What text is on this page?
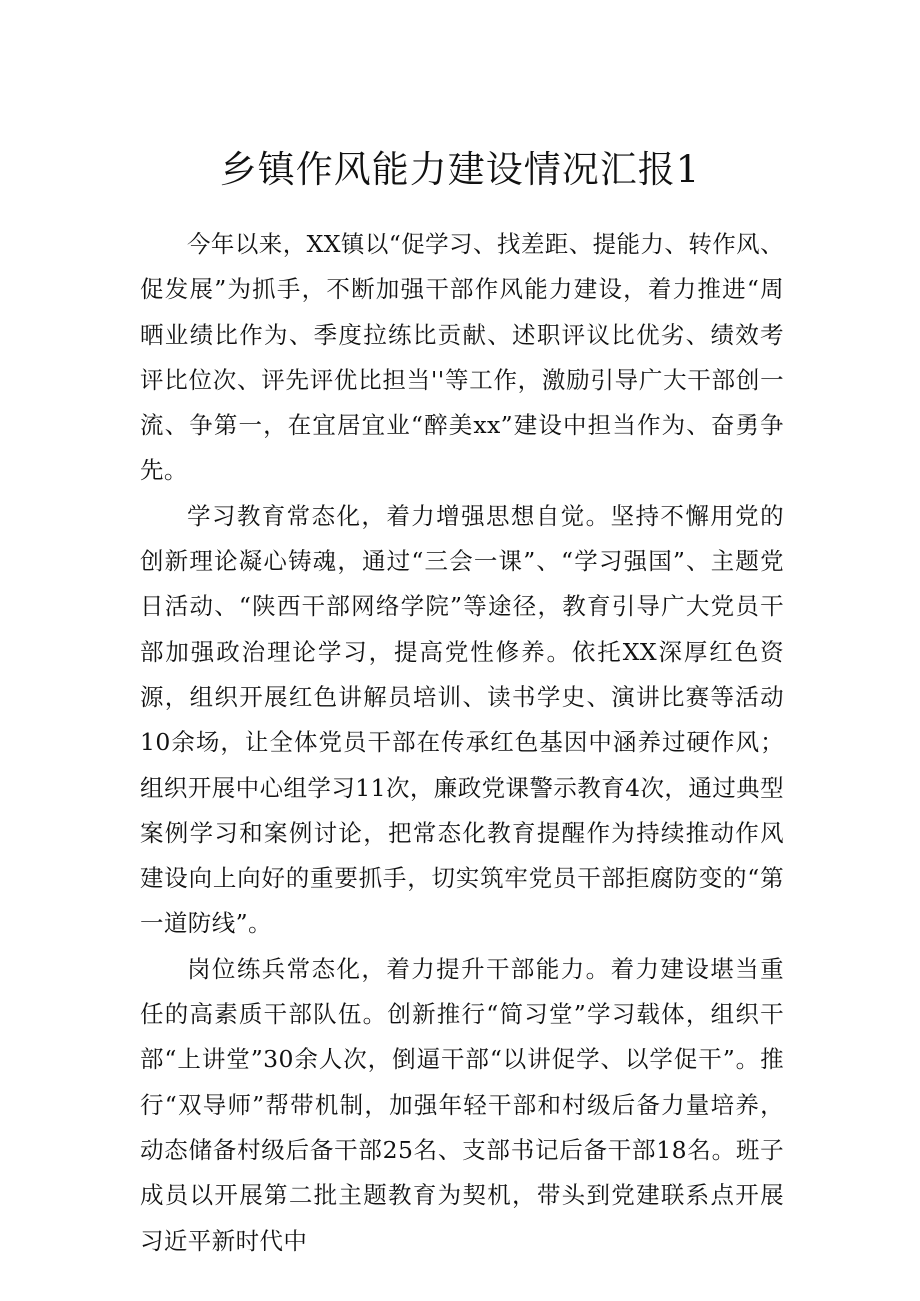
乡镇作风能力建设情况汇报1

今年以来，XX镇以“促学习、找差距、提能力、转作风、促发展”为抓手，不断加强干部作风能力建设，着力推进“周晒业绩比作为、季度拉练比贡献、述职评议比优劣、绩效考评比位次、评先评优比担当''等工作，激励引导广大干部创一流、争第一，在宜居宜业“醉美xx”建设中担当作为、奋勇争先。

学习教育常态化，着力增强思想自觉。坚持不懈用党的创新理论凝心铸魂，通过“三会一课”、“学习强国”、主题党日活动、“陕西干部网络学院”等途径，教育引导广大党员干部加强政治理论学习，提高党性修养。依托XX深厚红色资源，组织开展红色讲解员培训、读书学史、演讲比赛等活动10余场，让全体党员干部在传承红色基因中涵养过硬作风；组织开展中心组学习11次，廉政党课警示教育4次，通过典型案例学习和案例讨论，把常态化教育提醒作为持续推动作风建设向上向好的重要抓手，切实筑牢党员干部拒腐防变的“第一道防线”。

岗位练兵常态化，着力提升干部能力。着力建设堪当重任的高素质干部队伍。创新推行“简习堂”学习载体，组织干部“上讲堂”30余人次，倒逼干部“以讲促学、以学促干”。推行“双导师”帮带机制，加强年轻干部和村级后备力量培养，动态储备村级后备干部25名、支部书记后备干部18名。班子成员以开展第二批主题教育为契机，带头到党建联系点开展习近平新时代中
